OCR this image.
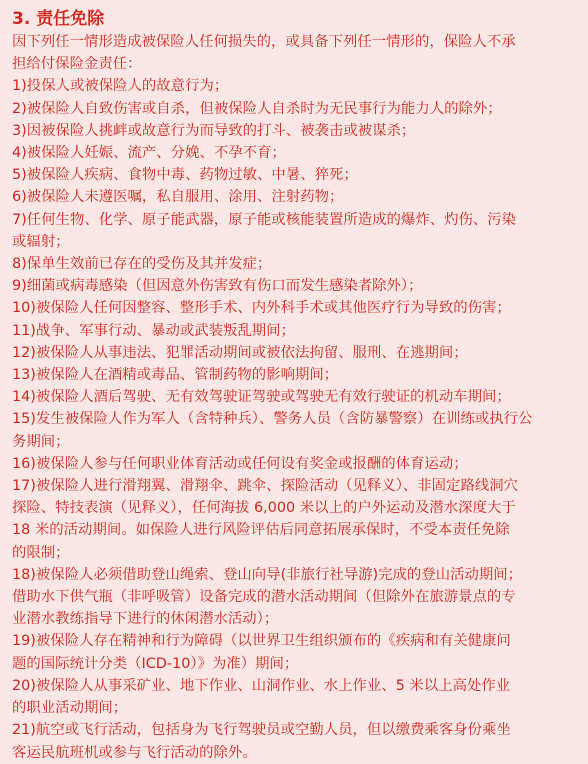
3. 责任免除

因下列任一情形造成被保险人任何损失的，或具备下列任一情形的，保险人不承

担给付保险金责任：

1)投保人或被保险人的故意行为；

2)被保险人自致伤害或自杀，但被保险人自杀时为无民事行为能力人的除外；

3)因被保险人挑衅或故意行为而导致的打斗、被袭击或被谋杀；

4)被保险人妊娠、流产、分娩、不孕不育；

5)被保险人疾病、食物中毒、药物过敏、中暑、猝死；

6)被保险人未遵医嘱，私自服用、涂用、注射药物；

7)任何生物、化学、原子能武器，原子能或核能装置所造成的爆炸、灼伤、污染

或辐射；

8)保单生效前已存在的受伤及其并发症；

9)细菌或病毒感染（但因意外伤害致有伤口而发生感染者除外）；

10)被保险人任何因整容、整形手术、内外科手术或其他医疗行为导致的伤害；

11)战争、军事行动、暴动或武装叛乱期间；

12)被保险人从事违法、犯罪活动期间或被依法拘留、服刑、在逃期间；

13)被保险人在酒精或毒品、管制药物的影响期间；

14)被保险人酒后驾驶、无有效驾驶证驾驶或驾驶无有效行驶证的机动车期间；

15)发生被保险人作为军人（含特种兵）、警务人员（含防暴警察）在训练或执行公

务期间；

16)被保险人参与任何职业体育活动或任何设有奖金或报酬的体育运动；

17)被保险人进行滑翔翼、滑翔伞、跳伞、探险活动（见释义）、非固定路线洞穴

探险、特技表演（见释义），任何海拔 6,000 米以上的户外运动及潜水深度大于

18 米的活动期间。如保险人进行风险评估后同意拓展承保时，不受本责任免除

的限制；

18)被保险人必须借助登山绳索、登山向导(非旅行社导游)完成的登山活动期间；

借助水下供气瓶（非呼吸管）设备完成的潜水活动期间（但除外在旅游景点的专

业潜水教练指导下进行的休闲潜水活动）；

19)被保险人存在精神和行为障碍（以世界卫生组织颁布的《疾病和有关健康问

题的国际统计分类（ICD-10）》为准）期间；

20)被保险人从事采矿业、地下作业、山洞作业、水上作业、5 米以上高处作业

的职业活动期间；

21)航空或飞行活动，包括身为飞行驾驶员或空勤人员，但以缴费乘客身份乘坐

客运民航班机或参与飞行活动的除外。
